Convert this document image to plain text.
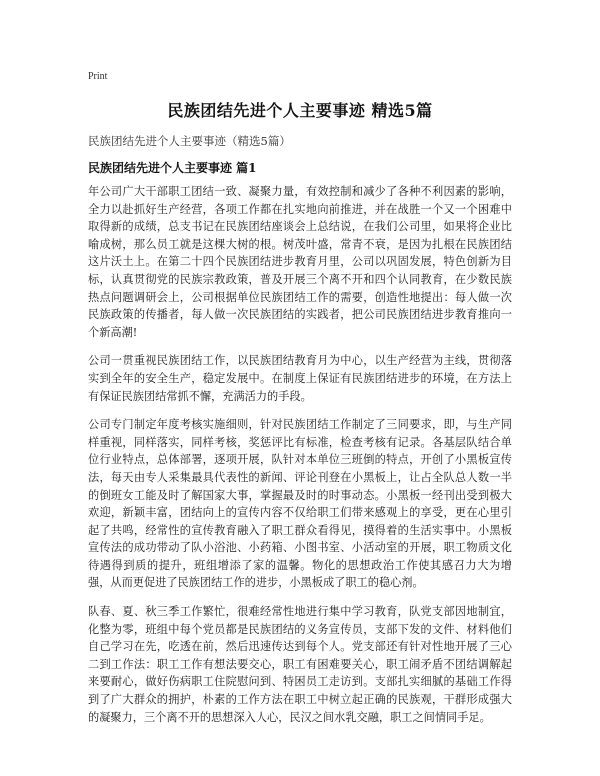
Print
民族团结先进个人主要事迹 精选5篇
民族团结先进个人主要事迹（精选5篇）
民族团结先进个人主要事迹 篇1

年公司广大干部职工团结一致、凝聚力量，有效控制和减少了各种不利因素的影响，全力以赴抓好生产经营，各项工作都在扎实地向前推进，并在战胜一个又一个困难中取得新的成绩，总支书记在民族团结座谈会上总结说，在我们公司里，如果将企业比喻成树，那么员工就是这棵大树的根。树茂叶盛，常青不衰，是因为扎根在民族团结这片沃土上。在第二十四个民族团结进步教育月里，公司以巩固发展，特色创新为目标，认真贯彻党的民族宗教政策，普及开展三个离不开和四个认同教育，在少数民族热点问题调研会上，公司根据单位民族团结工作的需要，创造性地提出：每人做一次民族政策的传播者，每人做一次民族团结的实践者，把公司民族团结进步教育推向一个新高潮!

公司一贯重视民族团结工作，以民族团结教育月为中心，以生产经营为主线，贯彻落实到全年的安全生产，稳定发展中。在制度上保证有民族团结进步的环境，在方法上有保证民族团结常抓不懈，充满活力的手段。

公司专门制定年度考核实施细则，针对民族团结工作制定了三同要求，即，与生产同样重视，同样落实，同样考核，奖惩评比有标准，检查考核有记录。各基层队结合单位行业特点，总体部署，逐项开展，队针对本单位三班倒的特点，开创了小黑板宣传法，每天由专人采集最具代表性的新闻、评论刊登在小黑板上，让占全队总人数一半的倒班女工能及时了解国家大事，掌握最及时的时事动态。小黑板一经刊出受到极大欢迎，新颖丰富，团结向上的宣传内容不仅给职工们带来感观上的享受，更在心里引起了共鸣，经常性的宣传教育融入了职工群众看得见，摸得着的生活实事中。小黑板宣传法的成功带动了队小浴池、小药箱、小图书室、小活动室的开展，职工物质文化待遇得到质的提升，班组增添了家的温馨。物化的思想政治工作使其感召力大为增强，从而更促进了民族团结工作的进步，小黑板成了职工的稳心剂。

队春、夏、秋三季工作繁忙，很难经常性地进行集中学习教育，队党支部因地制宜，化整为零，班组中每个党员都是民族团结的义务宣传员，支部下发的文件、材料他们自己学习在先，吃透在前，然后迅速传达到每个人。党支部还有针对性地开展了三心二到工作法：职工工作有想法要交心，职工有困难要关心，职工闹矛盾不团结调解起来要耐心，做好伤病职工住院慰问到、特困员工走访到。支部扎实细腻的基础工作得到了广大群众的拥护，朴素的工作方法在职工中树立起正确的民族观，干群形成强大的凝聚力，三个离不开的思想深入人心，民汉之间水乳交融，职工之间情同手足。
